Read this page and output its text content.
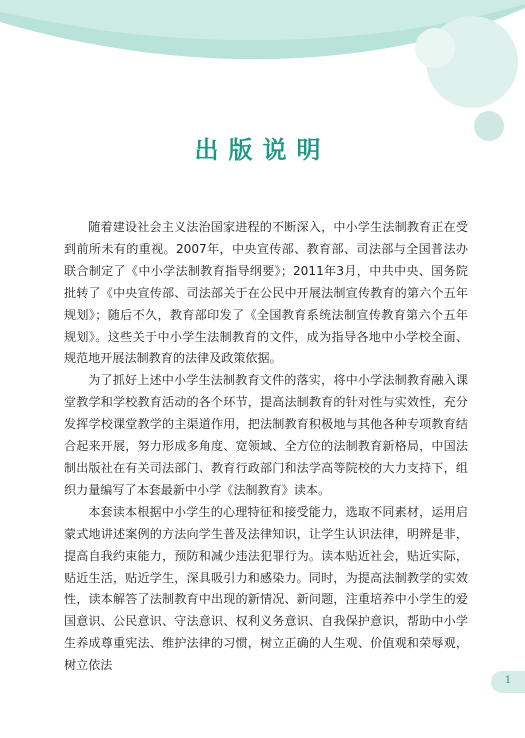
出版说明

随着建设社会主义法治国家进程的不断深入，中小学生法制教育正在受到前所未有的重视。2007年，中央宣传部、教育部、司法部与全国普法办联合制定了《中小学法制教育指导纲要》；2011年3月，中共中央、国务院批转了《中央宣传部、司法部关于在公民中开展法制宣传教育的第六个五年规划》；随后不久，教育部印发了《全国教育系统法制宣传教育第六个五年规划》。这些关于中小学生法制教育的文件，成为指导各地中小学校全面、规范地开展法制教育的法律及政策依据。

为了抓好上述中小学生法制教育文件的落实，将中小学法制教育融入课堂教学和学校教育活动的各个环节，提高法制教育的针对性与实效性，充分发挥学校课堂教学的主渠道作用，把法制教育积极地与其他各种专项教育结合起来开展，努力形成多角度、宽领域、全方位的法制教育新格局，中国法制出版社在有关司法部门、教育行政部门和法学高等院校的大力支持下，组织力量编写了本套最新中小学《法制教育》读本。

本套读本根据中小学生的心理特征和接受能力，选取不同素材，运用启蒙式地讲述案例的方法向学生普及法律知识，让学生认识法律，明辨是非，提高自我约束能力，预防和减少违法犯罪行为。读本贴近社会，贴近实际，贴近生活，贴近学生，深具吸引力和感染力。同时，为提高法制教学的实效性，读本解答了法制教育中出现的新情况、新问题，注重培养中小学生的爱国意识、公民意识、守法意识、权利义务意识、自我保护意识，帮助中小学生养成尊重宪法、维护法律的习惯，树立正确的人生观、价值观和荣辱观，树立依法

1
